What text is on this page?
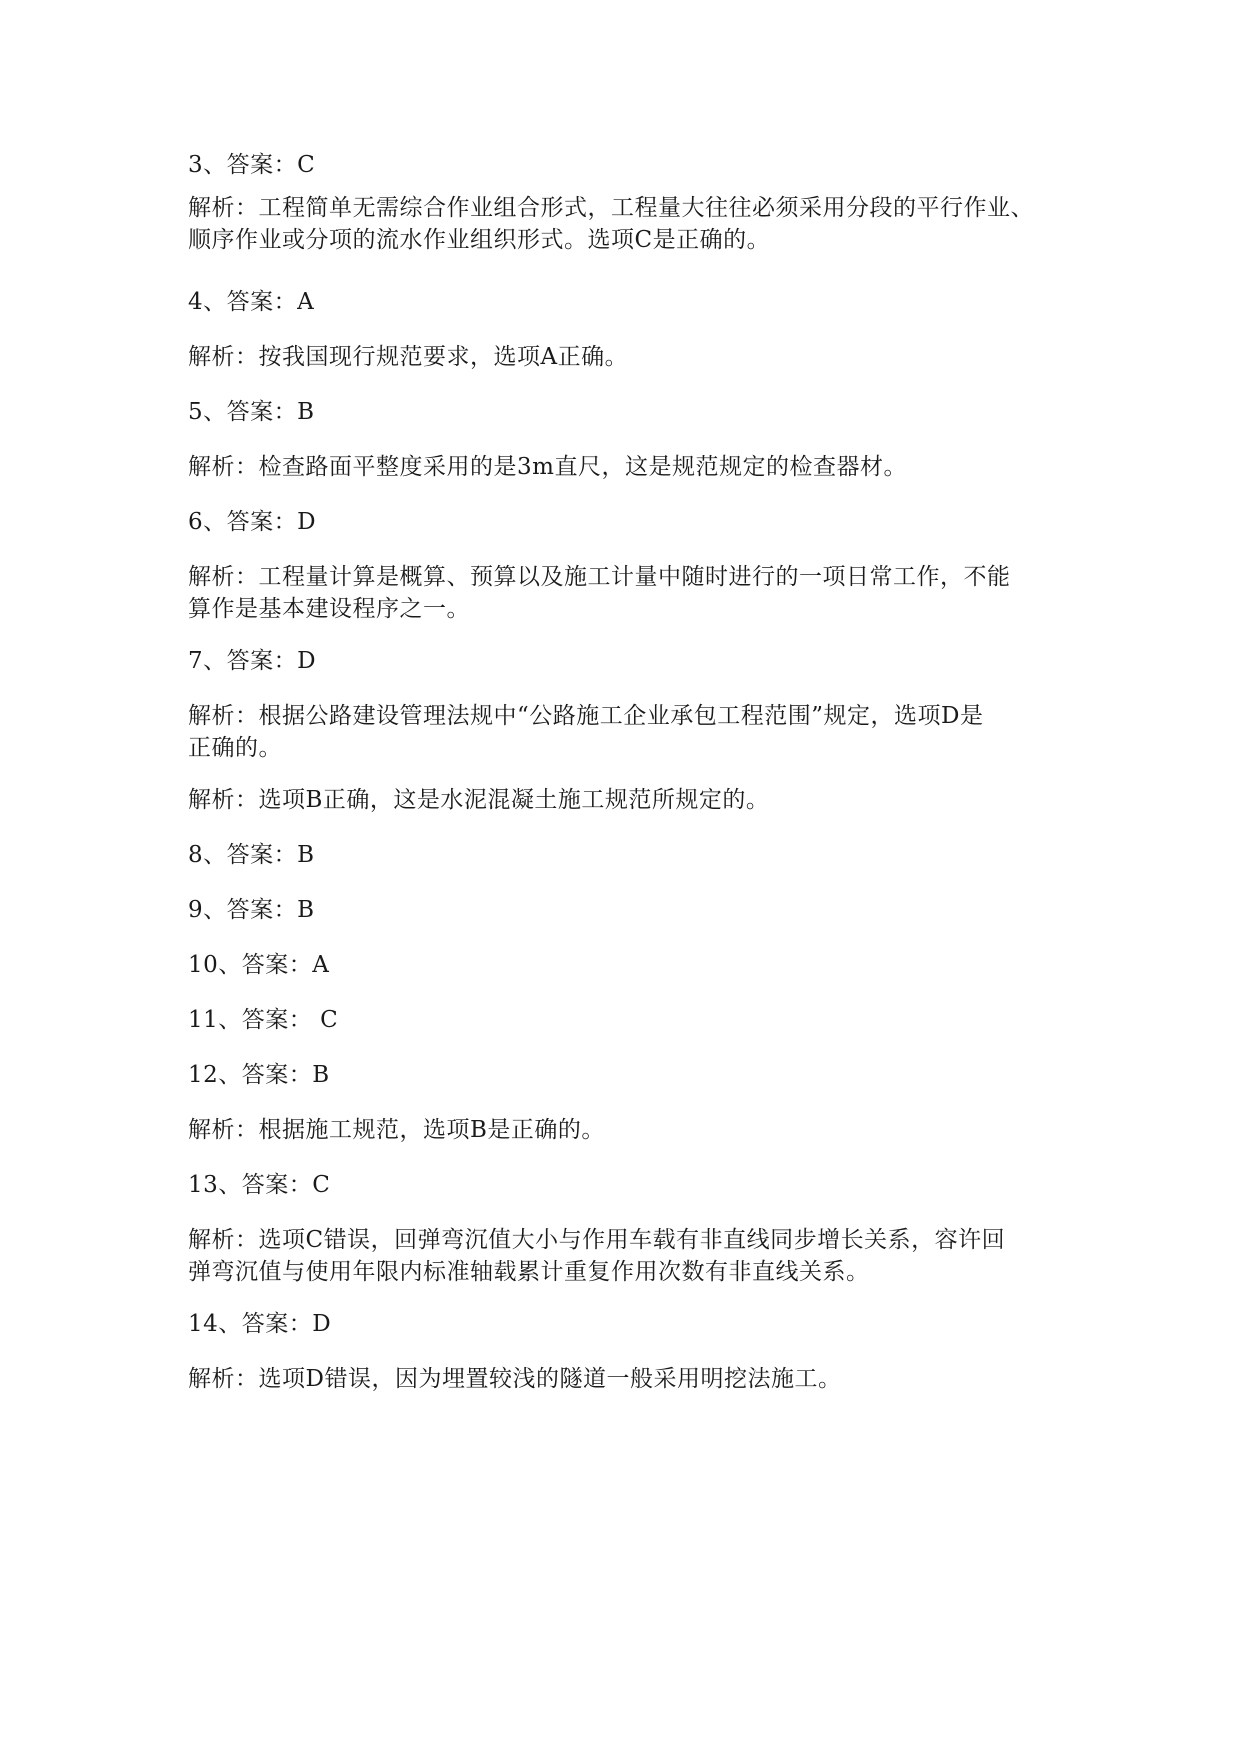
3、答案：C
解析：工程简单无需综合作业组合形式，工程量大往往必须采用分段的平行作业、
顺序作业或分项的流水作业组织形式。选项C是正确的。
4、答案：A
解析：按我国现行规范要求，选项A正确。
5、答案：B
解析：检查路面平整度采用的是3m直尺，这是规范规定的检查器材。
6、答案：D
解析：工程量计算是概算、预算以及施工计量中随时进行的一项日常工作，不能
算作是基本建设程序之一。
7、答案：D
解析：根据公路建设管理法规中“公路施工企业承包工程范围”规定，选项D是
正确的。
解析：选项B正确，这是水泥混凝土施工规范所规定的。
8、答案：B
9、答案：B
10、答案：A
11、答案： C
12、答案：B
解析：根据施工规范，选项B是正确的。
13、答案：C
解析：选项C错误，回弹弯沉值大小与作用车载有非直线同步增长关系，容许回
弹弯沉值与使用年限内标准轴载累计重复作用次数有非直线关系。
14、答案：D
解析：选项D错误，因为埋置较浅的隧道一般采用明挖法施工。
